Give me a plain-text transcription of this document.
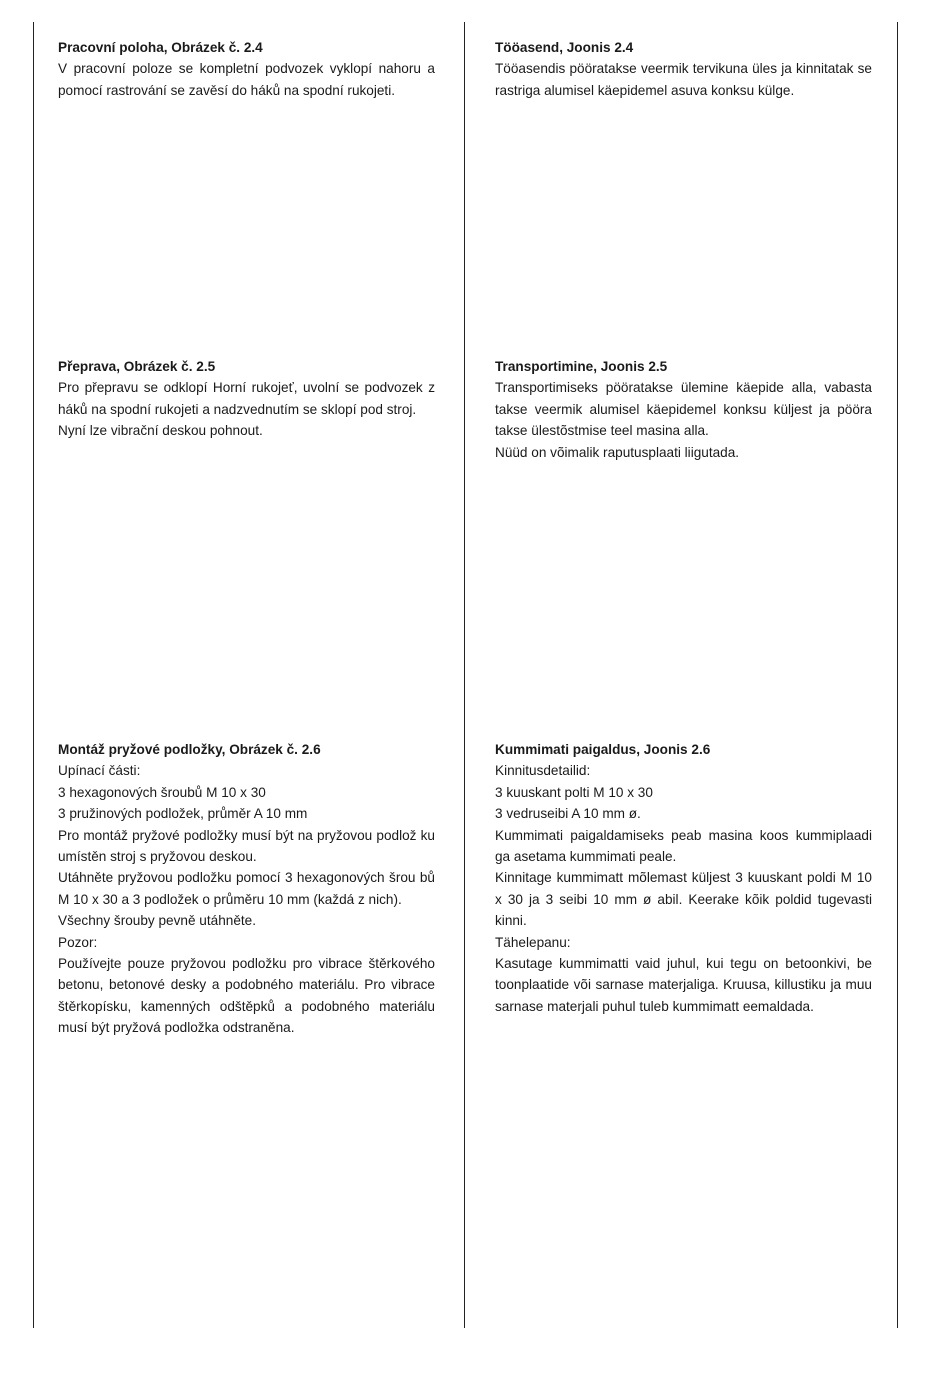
Pracovní poloha, Obrázek č. 2.4

V pracovní poloze se kompletní podvozek vyklopí nahoru a pomocí rastrování se zavěsí do háků na spodní rukojeti.

Přeprava, Obrázek č. 2.5

Pro přepravu se odklopí Horní rukojeť, uvolní se podvozek z háků na spodní rukojeti a nadzvednutím se sklopí pod stroj.

Nyní lze vibrační deskou pohnout.

Montáž pryžové podložky, Obrázek č. 2.6

Upínací části:

3 hexagonových šroubů M 10 x 30

3 pružinových podložek, průměr A 10 mm

Pro montáž pryžové podložky musí být na pryžovou podlož ku umístěn stroj s pryžovou deskou.

Utáhněte pryžovou podložku pomocí 3 hexagonových šrou bů M 10 x 30 a 3 podložek o průměru 10 mm (každá z nich).

Všechny šrouby pevně utáhněte.

Pozor:

Používejte pouze pryžovou podložku pro vibrace štěrkového betonu, betonové desky a podobného materiálu. Pro vibrace štěrkopísku, kamenných odštěpků a podobného materiálu musí být pryžová podložka odstraněna.

Tööasend, Joonis 2.4

Tööasendis pööratakse veermik tervikuna üles ja kinnitatak se rastriga alumisel käepidemel asuva konksu külge.

Transportimine, Joonis 2.5

Transportimiseks pööratakse ülemine käepide alla, vabasta takse veermik alumisel käepidemel konksu küljest ja pööra takse ülestõstmise teel masina alla.

Nüüd on võimalik raputusplaati liigutada.

Kummimati paigaldus, Joonis 2.6

Kinnitusdetailid:

3 kuuskant polti M 10 x 30

3 vedruseibi A 10 mm ø.

Kummimati paigaldamiseks peab masina koos kummiplaadi ga asetama kummimati peale.

Kinnitage kummimatt mõlemast küljest 3 kuuskant poldi M 10 x 30 ja 3 seibi 10 mm ø abil. Keerake kõik poldid tugevasti kinni.

Tähelepanu:

Kasutage kummimatti vaid juhul, kui tegu on betoonkivi, be toonplaatide või sarnase materjaliga. Kruusa, killustiku ja muu sarnase materjali puhul tuleb kummimatt eemaldada.
